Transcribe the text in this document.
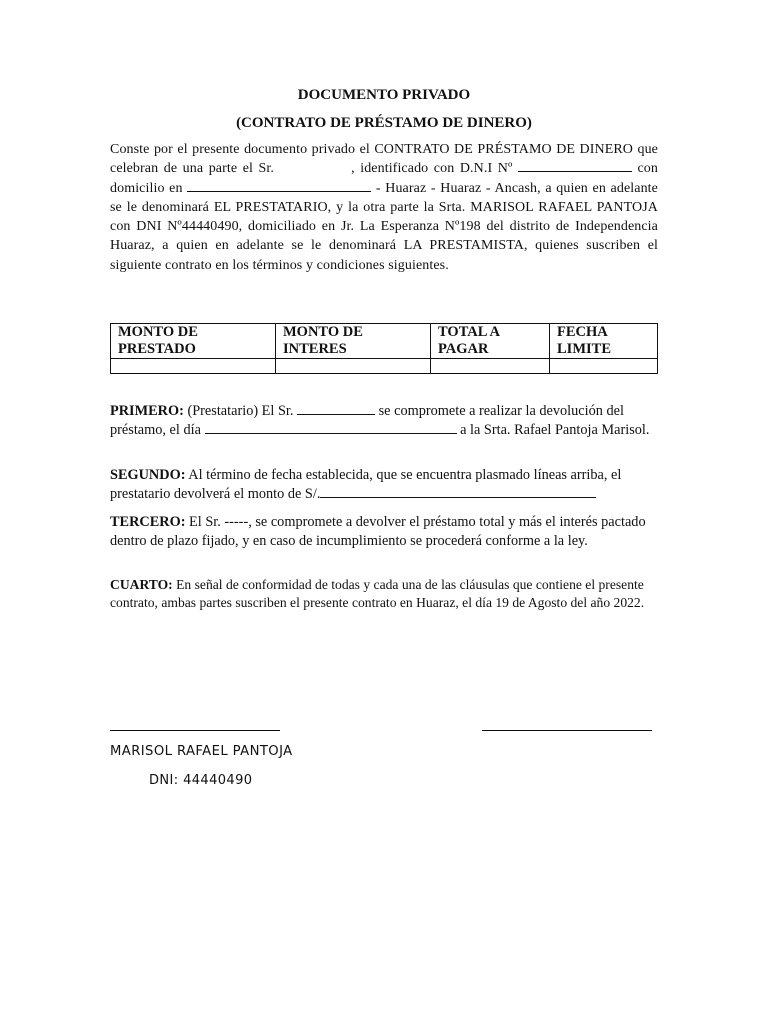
DOCUMENTO PRIVADO
(CONTRATO DE PRÉSTAMO DE DINERO)
Conste por el presente documento privado el CONTRATO DE PRÉSTAMO DE DINERO que celebran de una parte el Sr.	, identificado con D.N.I Nº	con domicilio en	- Huaraz - Huaraz - Ancash, a quien en adelante se le denominará EL PRESTATARIO, y la otra parte la Srta. MARISOL RAFAEL PANTOJA con DNI Nº44440490, domiciliado en Jr. La Esperanza Nº198 del distrito de Independencia Huaraz, a quien en adelante se le denominará LA PRESTAMISTA, quienes suscriben el siguiente contrato en los términos y condiciones siguientes.
MONTO DE PRESTADO	MONTO DE INTERES	TOTAL A PAGAR	FECHA LIMITE

PRIMERO: (Prestatario) El Sr.	se compromete a realizar la devolución del préstamo, el día	a la Srta. Rafael Pantoja Marisol.
SEGUNDO: Al término de fecha establecida, que se encuentra plasmado líneas arriba, el prestatario devolverá el monto de S/.
TERCERO: El Sr. -----, se compromete a devolver el préstamo total y más el interés pactado dentro de plazo fijado, y en caso de incumplimiento se procederá conforme a la ley.
CUARTO: En señal de conformidad de todas y cada una de las cláusulas que contiene el presente contrato, ambas partes suscriben el presente contrato en Huaraz, el día 19 de Agosto del año 2022.
MARISOL RAFAEL PANTOJA
DNI: 44440490
